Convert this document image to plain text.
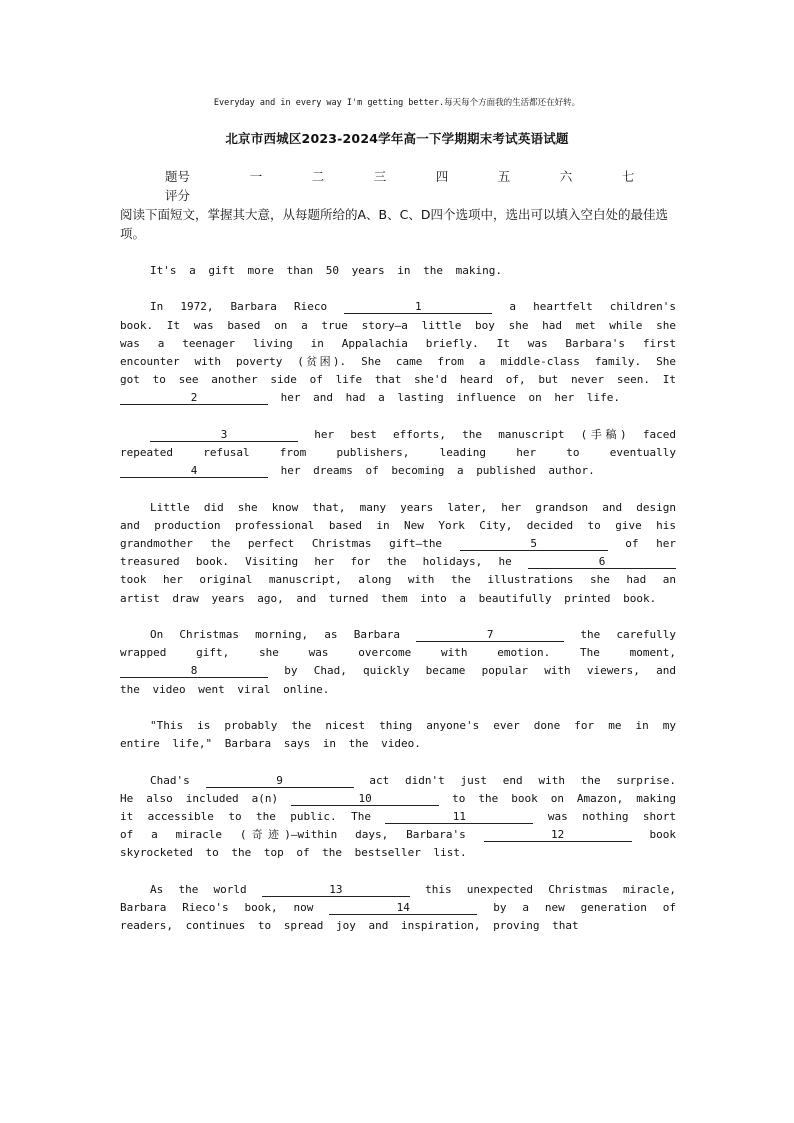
Everyday and in every way I'm getting better.每天每个方面我的生活都还在好转。
北京市西城区2023-2024学年高一下学期期末考试英语试题
题号	一	二	三	四	五	六	七
评分
阅读下面短文，掌握其大意，从每题所给的A、B、C、D四个选项中，选出可以填入空白处的最佳选项。

It's a gift more than 50 years in the making.

In 1972, Barbara Rieco	1	a heartfelt children's book. It was based on a true story—a little boy she had met while she was a teenager living in Appalachia briefly. It was Barbara's first encounter with poverty (贫困). She came from a middle-class family. She got to see another side of life that she'd heard of, but never seen. It 2	her and had a lasting influence on her life.

3	her best efforts, the manuscript (手稿) faced repeated refusal from publishers, leading her to eventually 4	her dreams of becoming a published author.

Little did she know that, many years later, her grandson and design and production professional based in New York City, decided to give his grandmother the perfect Christmas gift—the	5	of her treasured book. Visiting her for the holidays, he	6 took her original manuscript, along with the illustrations she had an artist draw years ago, and turned them into a beautifully printed book.

On Christmas morning, as Barbara	7	the carefully wrapped gift, she was overcome with emotion. The moment, 8	by Chad, quickly became popular with viewers, and the video went viral online.

"This is probably the nicest thing anyone's ever done for me in my entire life," Barbara says in the video.

Chad's	9	act didn't just end with the surprise. He also included a(n)	10	to the book on Amazon, making it accessible to the public. The	11	was nothing short of a miracle (奇迹)—within days, Barbara's	12	book skyrocketed to the top of the bestseller list.

As the world	13	this unexpected Christmas miracle, Barbara Rieco's book, now	14	by a new generation of readers, continues to spread joy and inspiration, proving that
